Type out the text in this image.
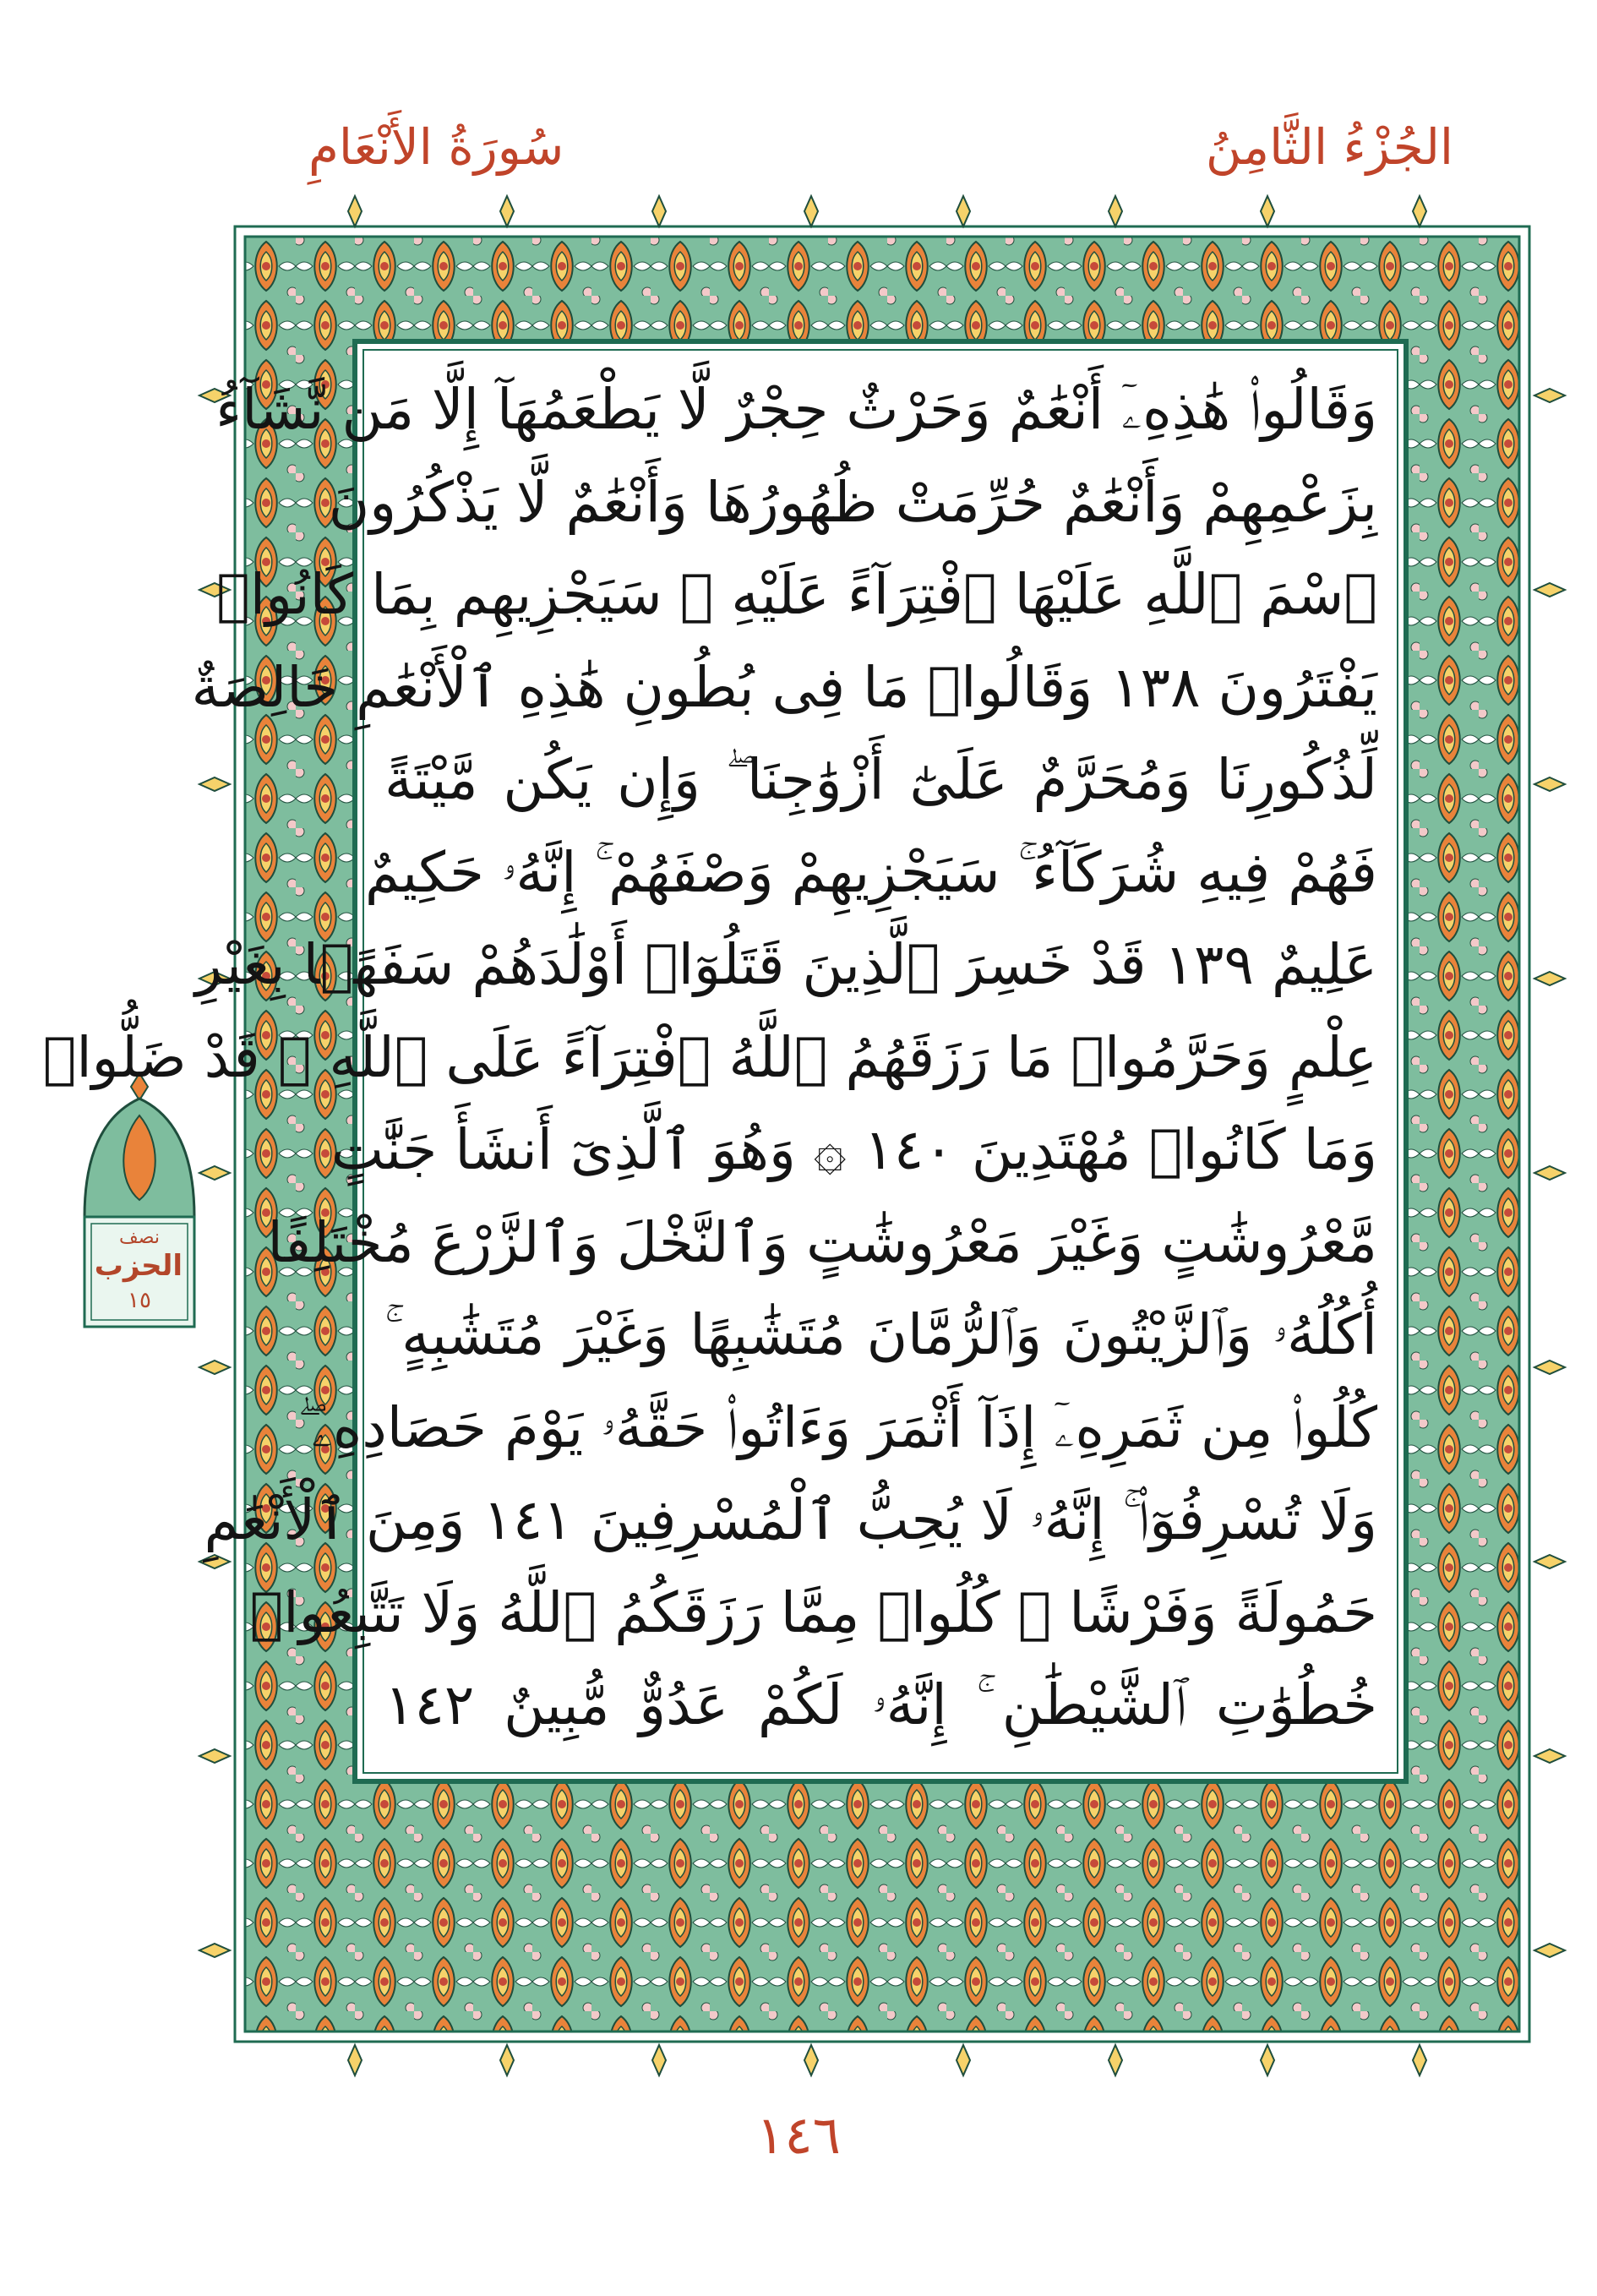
الجُزْءُ الثَّامِنُ
سُورَةُ الأَنْعَامِ
وَقَالُوا۟ هَٰذِهِۦٓ أَنْعَٰمٌ وَحَرْثٌ حِجْرٌ لَّا يَطْعَمُهَآ إِلَّا مَن نَّشَآءُ
بِزَعْمِهِمْ وَأَنْعَٰمٌ حُرِّمَتْ ظُهُورُهَا وَأَنْعَٰمٌ لَّا يَذْكُرُونَ
ٱسْمَ ٱللَّهِ عَلَيْهَا ٱفْتِرَآءً عَلَيْهِ ۚ سَيَجْزِيهِم بِمَا كَانُوا۟
يَفْتَرُونَ ١٣٨ وَقَالُوا۟ مَا فِى بُطُونِ هَٰذِهِ ٱلْأَنْعَٰمِ خَالِصَةٌ
لِّذُكُورِنَا وَمُحَرَّمٌ عَلَىٰٓ أَزْوَٰجِنَا ۖ وَإِن يَكُن مَّيْتَةً
فَهُمْ فِيهِ شُرَكَآءُ ۚ سَيَجْزِيهِمْ وَصْفَهُمْ ۚ إِنَّهُۥ حَكِيمٌ
عَلِيمٌ ١٣٩ قَدْ خَسِرَ ٱلَّذِينَ قَتَلُوٓا۟ أَوْلَٰدَهُمْ سَفَهًۢا بِغَيْرِ
عِلْمٍ وَحَرَّمُوا۟ مَا رَزَقَهُمُ ٱللَّهُ ٱفْتِرَآءً عَلَى ٱللَّهِ ۚ قَدْ ضَلُّوا۟
وَمَا كَانُوا۟ مُهْتَدِينَ ١٤٠ ۞ وَهُوَ ٱلَّذِىٓ أَنشَأَ جَنَّٰتٍ
مَّعْرُوشَٰتٍ وَغَيْرَ مَعْرُوشَٰتٍ وَٱلنَّخْلَ وَٱلزَّرْعَ مُخْتَلِفًا
أُكُلُهُۥ وَٱلزَّيْتُونَ وَٱلرُّمَّانَ مُتَشَٰبِهًا وَغَيْرَ مُتَشَٰبِهٍ ۚ
كُلُوا۟ مِن ثَمَرِهِۦٓ إِذَآ أَثْمَرَ وَءَاتُوا۟ حَقَّهُۥ يَوْمَ حَصَادِهِۦ ۖ
وَلَا تُسْرِفُوٓا۟ ۚ إِنَّهُۥ لَا يُحِبُّ ٱلْمُسْرِفِينَ ١٤١ وَمِنَ ٱلْأَنْعَٰمِ
حَمُولَةً وَفَرْشًا ۚ كُلُوا۟ مِمَّا رَزَقَكُمُ ٱللَّهُ وَلَا تَتَّبِعُوا۟
خُطُوَٰتِ ٱلشَّيْطَٰنِ ۚ إِنَّهُۥ لَكُمْ عَدُوٌّ مُّبِينٌ ١٤٢
نصف
الحزب
١٥
١٤٦
